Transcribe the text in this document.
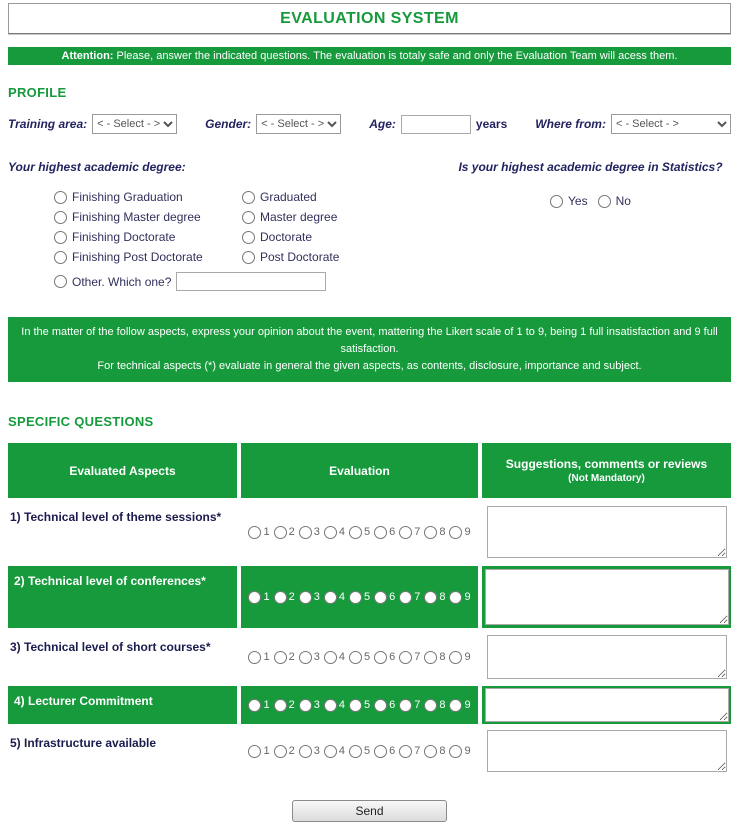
EVALUATION SYSTEM
Attention: Please, answer the indicated questions. The evaluation is totaly safe and only the Evaluation Team will acess them.
PROFILE
Training area:
< - Select - >	Gender:
< - Select - >	Age:	years Where from:
< - Select - >
Your highest academic degree:
Finishing Graduation	Graduated
Finishing Master degree	Master degree
Finishing Doctorate	Doctorate
Finishing Post Doctorate	Post Doctorate
Other. Which one?
Is your highest academic degree in Statistics?
Yes No
In the matter of the follow aspects, express your opinion about the event, mattering the Likert scale of 1 to 9, being 1 full insatisfaction and 9 full satisfaction.
For technical aspects (*) evaluate in general the given aspects, as contents, disclosure, importance and subject.
SPECIFIC QUESTIONS
Evaluated Aspects	Evaluation	Suggestions, comments or reviews
(Not Mandatory)
1) Technical level of theme sessions*
1 2 3 4 5 6 7 8 9
2) Technical level of conferences*
1 2 3 4 5 6 7 8 9
3) Technical level of short courses*
1 2 3 4 5 6 7 8 9
4) Lecturer Commitment	1 2 3 4 5 6 7 8 9
5) Infrastructure available
1 2 3 4 5 6 7 8 9
Send
